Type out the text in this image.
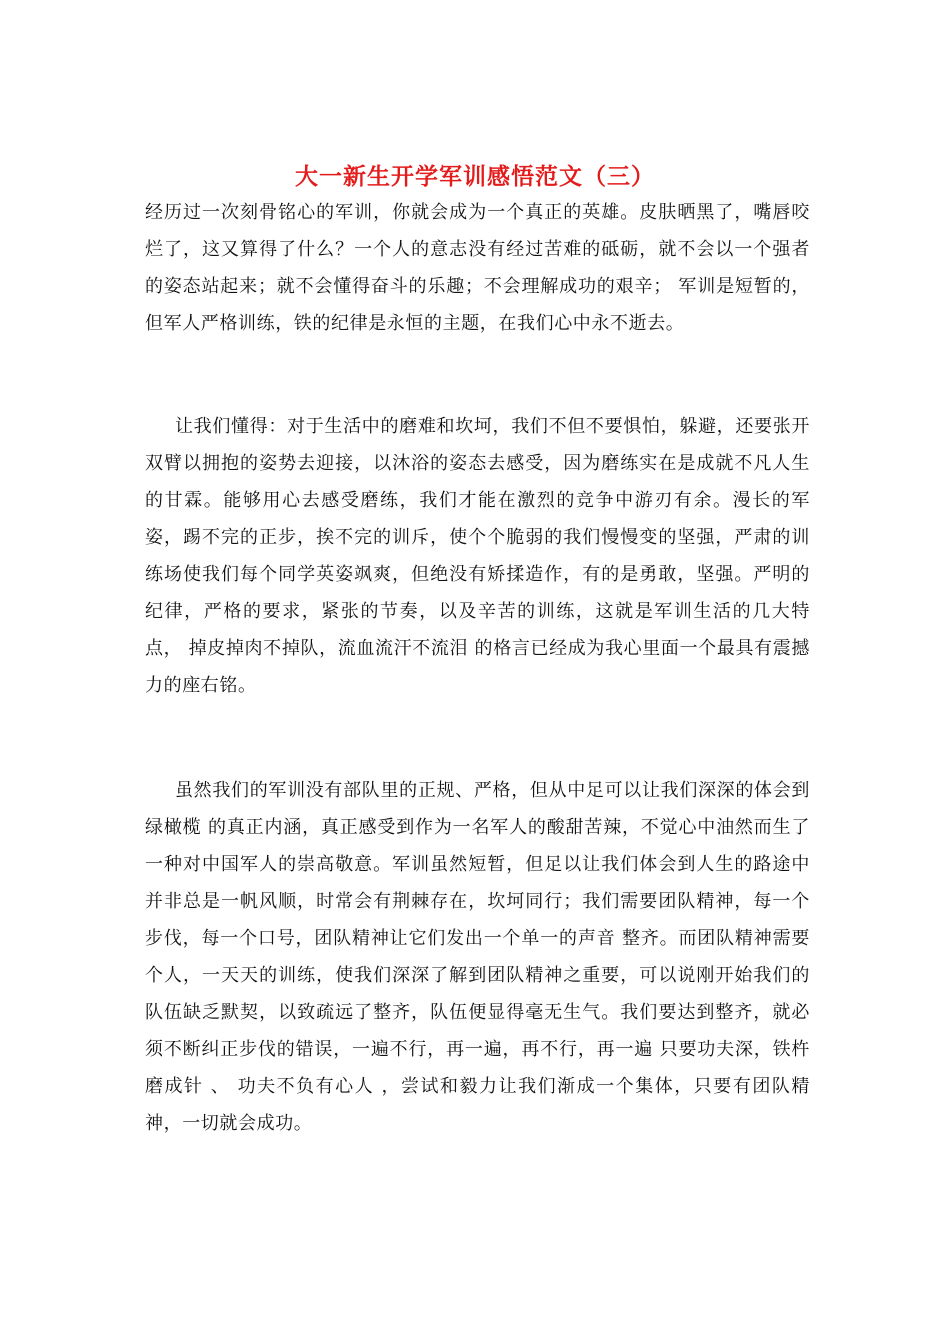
大一新生开学军训感悟范文（三）

经历过一次刻骨铭心的军训，你就会成为一个真正的英雄。皮肤晒黑了，嘴唇咬烂了，这又算得了什么？一个人的意志没有经过苦难的砥砺，就不会以一个强者的姿态站起来；就不会懂得奋斗的乐趣；不会理解成功的艰辛； 军训是短暂的，但军人严格训练，铁的纪律是永恒的主题，在我们心中永不逝去。

让我们懂得：对于生活中的磨难和坎坷，我们不但不要惧怕，躲避，还要张开双臂以拥抱的姿势去迎接，以沐浴的姿态去感受，因为磨练实在是成就不凡人生的甘霖。能够用心去感受磨练，我们才能在激烈的竞争中游刃有余。漫长的军姿，踢不完的正步，挨不完的训斥，使个个脆弱的我们慢慢变的坚强，严肃的训练场使我们每个同学英姿飒爽，但绝没有矫揉造作，有的是勇敢，坚强。严明的纪律，严格的要求，紧张的节奏，以及辛苦的训练，这就是军训生活的几大特点， 掉皮掉肉不掉队，流血流汗不流泪 的格言已经成为我心里面一个最具有震撼力的座右铭。

虽然我们的军训没有部队里的正规、严格，但从中足可以让我们深深的体会到 绿橄榄 的真正内涵，真正感受到作为一名军人的酸甜苦辣，不觉心中油然而生了一种对中国军人的崇高敬意。军训虽然短暂，但足以让我们体会到人生的路途中并非总是一帆风顺，时常会有荆棘存在，坎坷同行；我们需要团队精神，每一个步伐，每一个口号，团队精神让它们发出一个单一的声音 整齐。而团队精神需要个人，一天天的训练，使我们深深了解到团队精神之重要，可以说刚开始我们的队伍缺乏默契，以致疏远了整齐，队伍便显得毫无生气。我们要达到整齐，就必须不断纠正步伐的错误，一遍不行，再一遍，再不行，再一遍 只要功夫深，铁杵磨成针 、 功夫不负有心人 ，尝试和毅力让我们渐成一个集体，只要有团队精神，一切就会成功。
